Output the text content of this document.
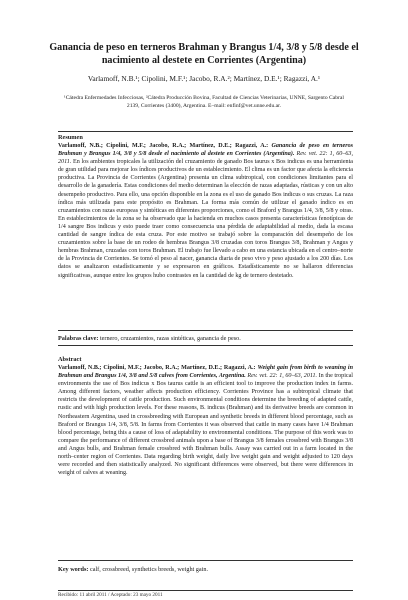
Ganancia de peso en terneros Brahman y Brangus 1/4, 3/8 y 5/8 desde el nacimiento al destete en Corrientes (Argentina)
Varlamoff, N.B.¹; Cipolini, M.F.¹; Jacobo, R.A.²; Martínez, D.E.¹; Ragazzi, A.¹
¹Cátedra Enfermedades Infecciosas, ²Cátedra Producción Bovina, Facultad de Ciencias Veterinarias, UNNE, Sargento Cabral 2139, Corrientes (3400), Argentina. E–mail: enfinf@vet.unne.edu.ar.

Resumen

Varlamoff, N.B.; Cipolini, M.F.; Jacobo, R.A.; Martínez, D.E.; Ragazzi, A.: Ganancia de peso en terneros Brahman y Brangus 1/4, 3/8 y 5/8 desde el nacimiento al destete en Corrientes (Argentina). Rev. vet. 22: 1, 60–63, 2011. En los ambientes tropicales la utilización del cruzamiento de ganado Bos taurus x Bos indicus es una herramienta de gran utilidad para mejorar los índices productivos de un establecimiento. El clima es un factor que afecta la eficiencia productiva. La Provincia de Corrientes (Argentina) presenta un clima subtropical, con condiciones limitantes para el desarrollo de la ganadería. Estas condiciones del medio determinan la elección de razas adaptadas, rústicas y con un alto desempeño productivo. Para ello, una opción disponible en la zona es el uso de ganado Bos indicus o sus cruzas. La raza índica más utilizada para este propósito es Brahman. La forma más común de utilizar el ganado índico es en cruzamientos con razas europeas y sintéticas en diferentes proporciones, como el Braford y Brangus 1/4, 3/8, 5/8 y otras. En establecimientos de la zona se ha observado que la hacienda en muchos casos presenta características fenotípicas de 1/4 sangre Bos indicus y esto puede traer como consecuencia una pérdida de adaptabilidad al medio, dada la escasa cantidad de sangre índica de esta cruza. Por este motivo se trabajó sobre la comparación del desempeño de los cruzamientos sobre la base de un rodeo de hembras Brangus 3/8 cruzadas con toros Brangus 3/8, Brahman y Angus y hembras Brahman, cruzadas con toros Brahman. El trabajo fue llevado a cabo en una estancia ubicada en el centro–norte de la Provincia de Corrientes. Se tomó el peso al nacer, ganancia diaria de peso vivo y peso ajustado a los 200 días. Los datos se analizaron estadísticamente y se expresaron en gráficos. Estadísticamente no se hallaron diferencias significativas, aunque entre los grupos hubo contrastes en la cantidad de kg de ternero destetado.

Palabras clave: ternero, cruzamientos, razas sintéticas, ganancia de peso.

Abstract

Varlamoff, N.B.; Cipolini, M.F.; Jacobo, R.A.; Martínez, D.E.; Ragazzi, A.: Weight gain from birth to weaning in Brahman and Brangus 1/4, 3/8 and 5/8 calves from Corrientes, Argentina. Rev. vet. 22: 1, 60–63, 2011. In the tropical environments the use of Bos indicus x Bos taurus cattle is an efficient tool to improve the production index in farms. Among different factors, weather affects production efficiency. Corrientes Province has a subtropical climate that restricts the development of cattle production. Such environmental conditions determine the breeding of adapted cattle, rustic and with high production levels. For these reasons, B. indicus (Brahman) and its derivative breeds are common in Northeastern Argentina, used in crossbreeding with European and synthetic breeds in different blood percentage, such as Braford or Brangus 1/4, 3/8, 5/8. In farms from Corrientes it was observed that cattle in many cases have 1/4 Brahman blood percentage, being this a cause of loss of adaptability to environmental conditions. The purpose of this work was to compare the performance of different crossbred animals upon a base of Brangus 3/8 females crossbred with Brangus 3/8 and Angus bulls, and Brahman female crossbred with Brahman bulls. Assay was carried out in a farm located in the north–center region of Corrientes. Data regarding birth weight, daily live weight gain and weight adjusted to 120 days were recorded and then statistically analyzed. No significant differences were observed, but there were differences in weight of calves at weaning.

Key words: calf, crossbreed, synthetics breeds, weight gain.
Recibido: 11 abril 2011 / Aceptado: 23 mayo 2011
